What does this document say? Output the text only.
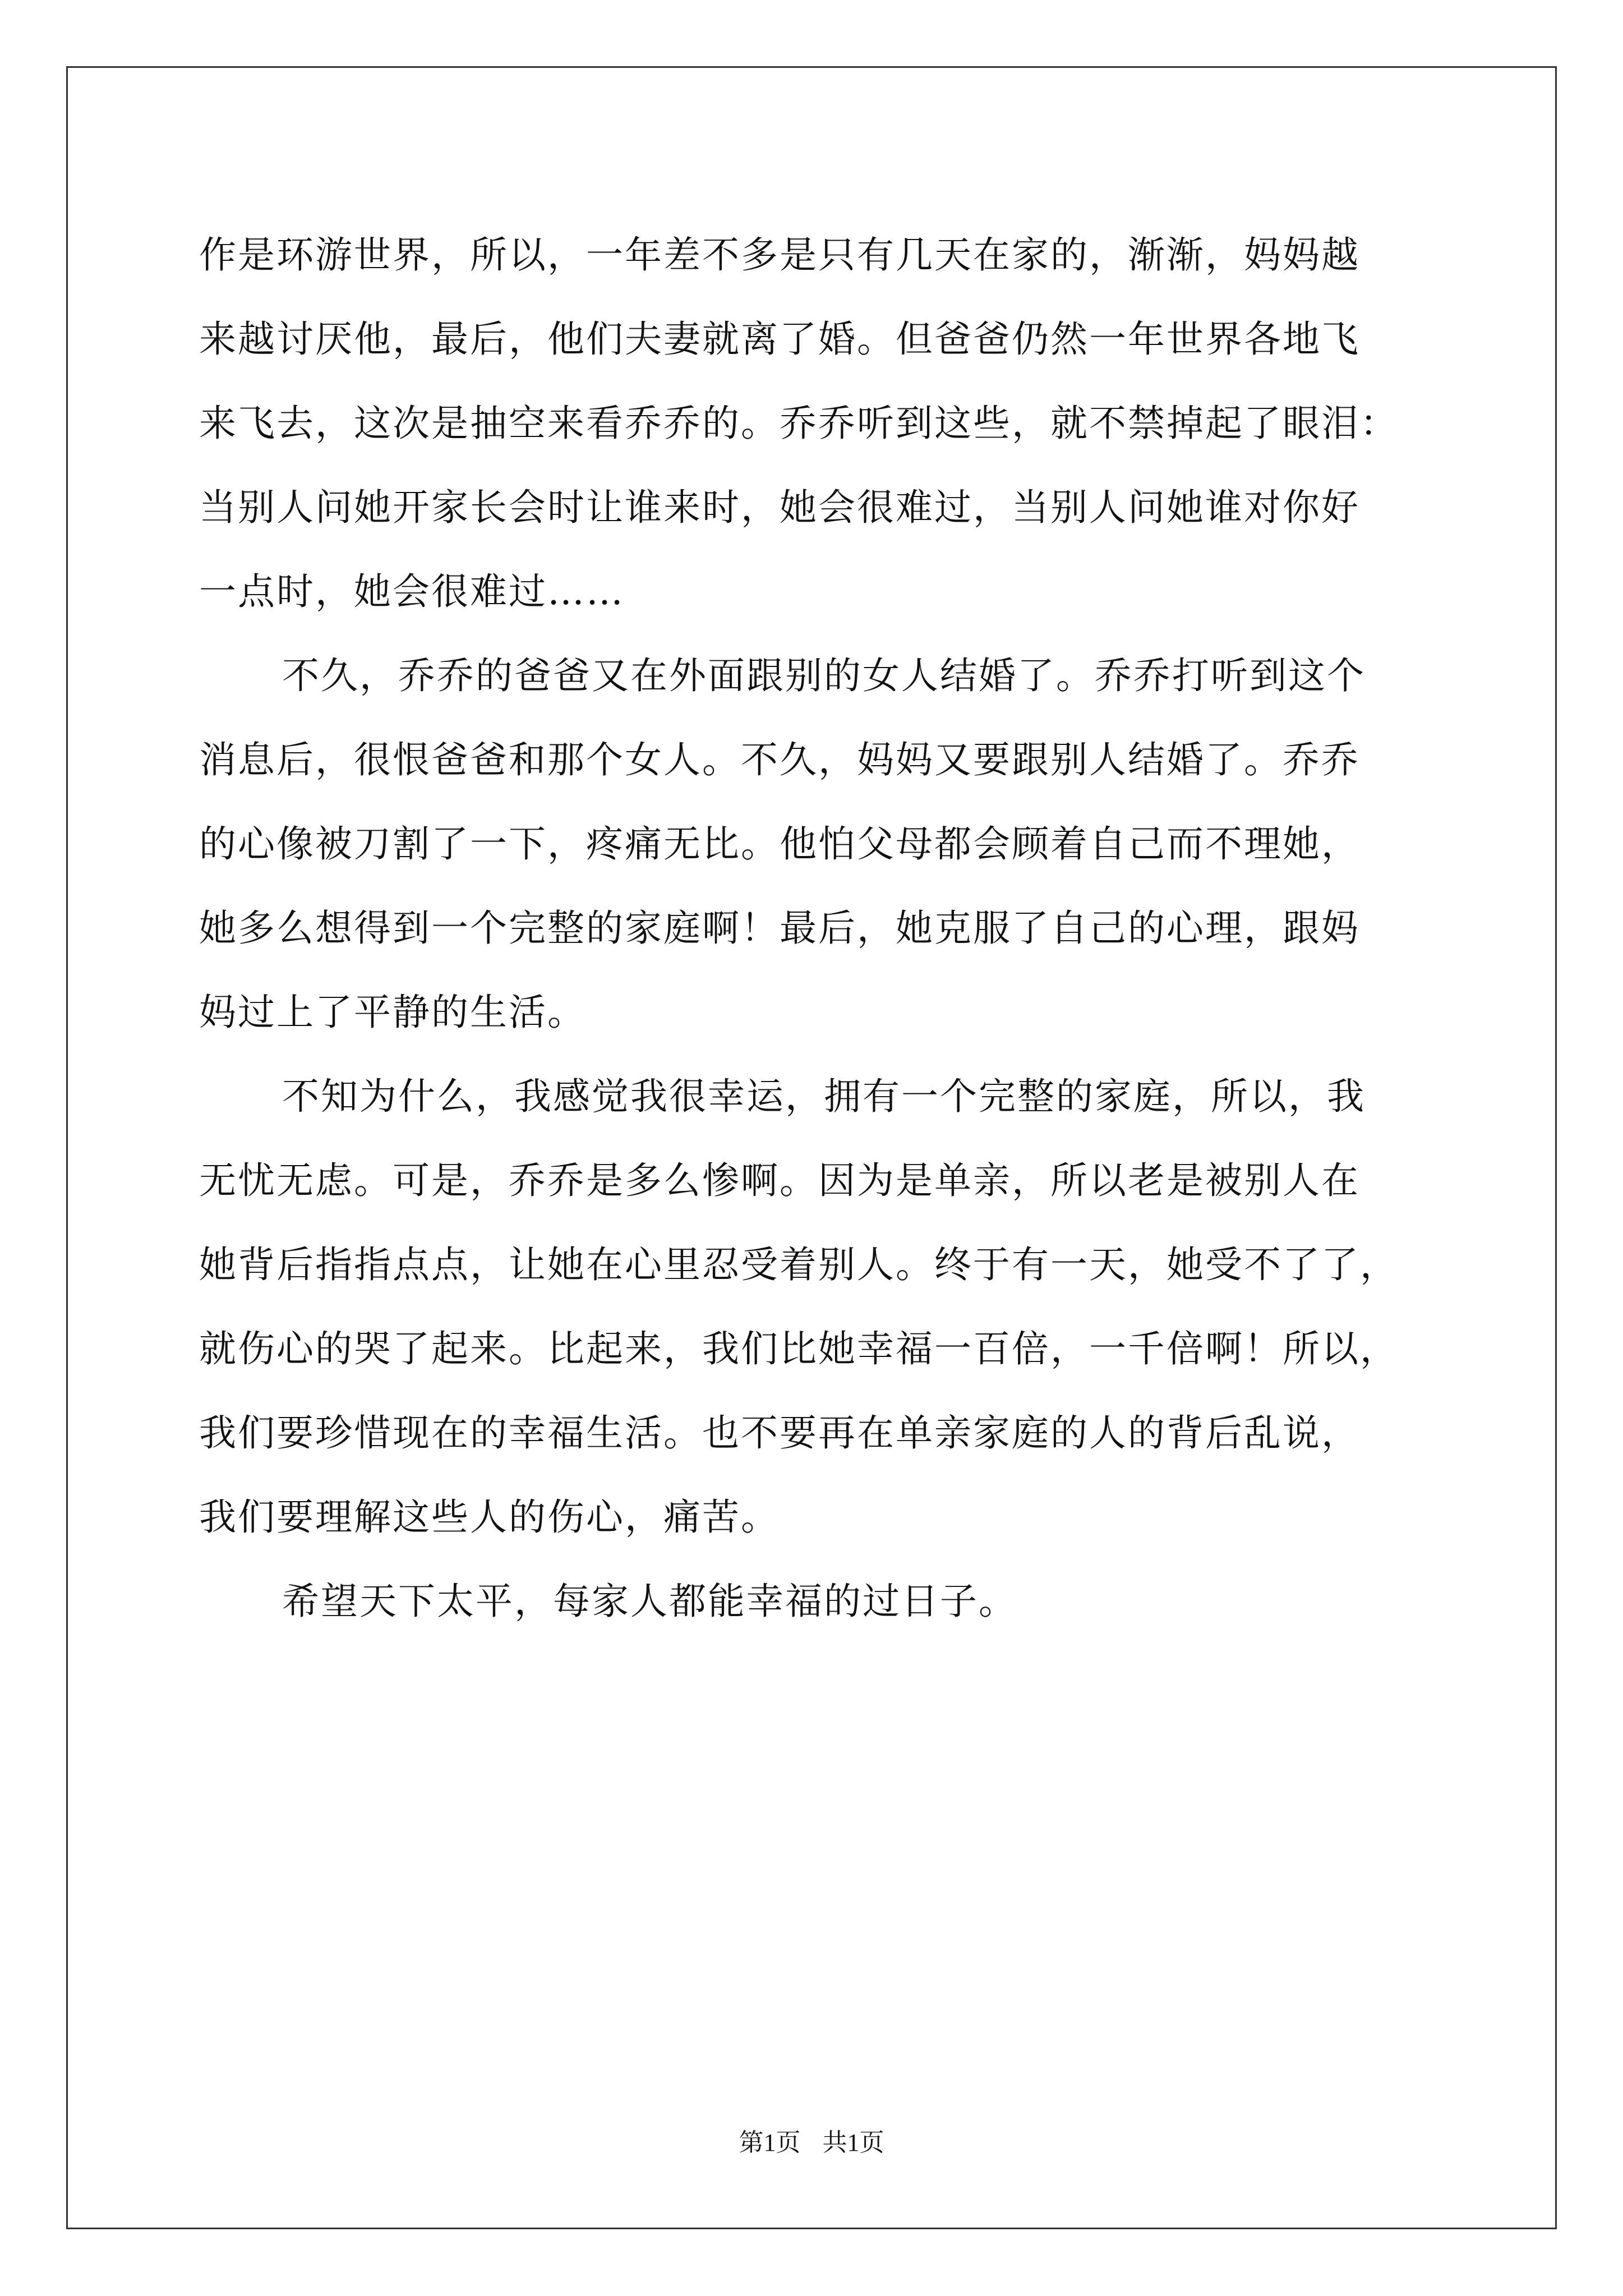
作是环游世界，所以，一年差不多是只有几天在家的，渐渐，妈妈越
来越讨厌他，最后，他们夫妻就离了婚。但爸爸仍然一年世界各地飞
来飞去，这次是抽空来看乔乔的。乔乔听到这些，就不禁掉起了眼泪：
当别人问她开家长会时让谁来时，她会很难过，当别人问她谁对你好
一点时，她会很难过……
不久，乔乔的爸爸又在外面跟别的女人结婚了。乔乔打听到这个
消息后，很恨爸爸和那个女人。不久，妈妈又要跟别人结婚了。乔乔
的心像被刀割了一下，疼痛无比。他怕父母都会顾着自己而不理她，
她多么想得到一个完整的家庭啊！最后，她克服了自己的心理，跟妈
妈过上了平静的生活。
不知为什么，我感觉我很幸运，拥有一个完整的家庭，所以，我
无忧无虑。可是，乔乔是多么惨啊。因为是单亲，所以老是被别人在
她背后指指点点，让她在心里忍受着别人。终于有一天，她受不了了，
就伤心的哭了起来。比起来，我们比她幸福一百倍，一千倍啊！所以，
我们要珍惜现在的幸福生活。也不要再在单亲家庭的人的背后乱说，
我们要理解这些人的伤心，痛苦。
希望天下太平，每家人都能幸福的过日子。
第1页 共1页
